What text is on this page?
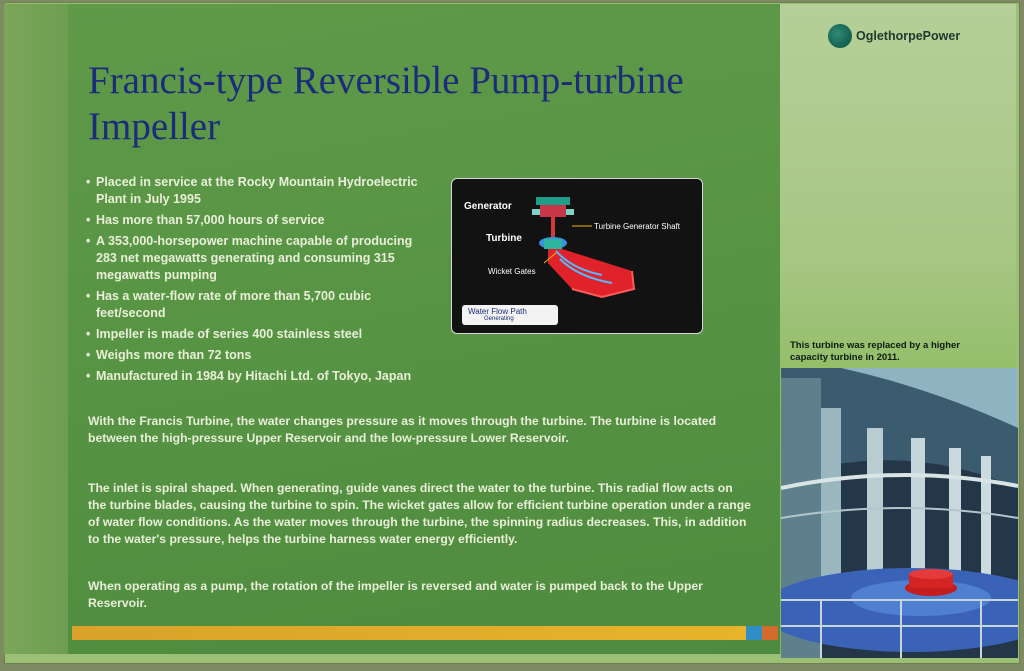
Francis-type Reversible Pump-turbine Impeller
• Placed in service at the Rocky Mountain Hydroelectric Plant in July 1995
• Has more than 57,000 hours of service
• A 353,000-horsepower machine capable of producing 283 net megawatts generating and consuming 315 megawatts pumping
• Has a water-flow rate of more than 5,700 cubic feet/second
• Impeller is made of series 400 stainless steel
• Weighs more than 72 tons
• Manufactured in 1984 by Hitachi Ltd. of Tokyo, Japan
Generator
Turbine
Turbine Generator Shaft
Wicket Gates
Water Flow Path
Generating

With the Francis Turbine, the water changes pressure as it moves through the turbine. The turbine is located between the high-pressure Upper Reservoir and the low-pressure Lower Reservoir.

The inlet is spiral shaped. When generating, guide vanes direct the water to the turbine. This radial flow acts on the turbine blades, causing the turbine to spin. The wicket gates allow for efficient turbine operation under a range of water flow conditions. As the water moves through the turbine, the spinning radius decreases. This, in addition to the water's pressure, helps the turbine harness water energy efficiently.

When operating as a pump, the rotation of the impeller is reversed and water is pumped back to the Upper Reservoir.

OglethorpePower

This turbine was replaced by a higher capacity turbine in 2011.
